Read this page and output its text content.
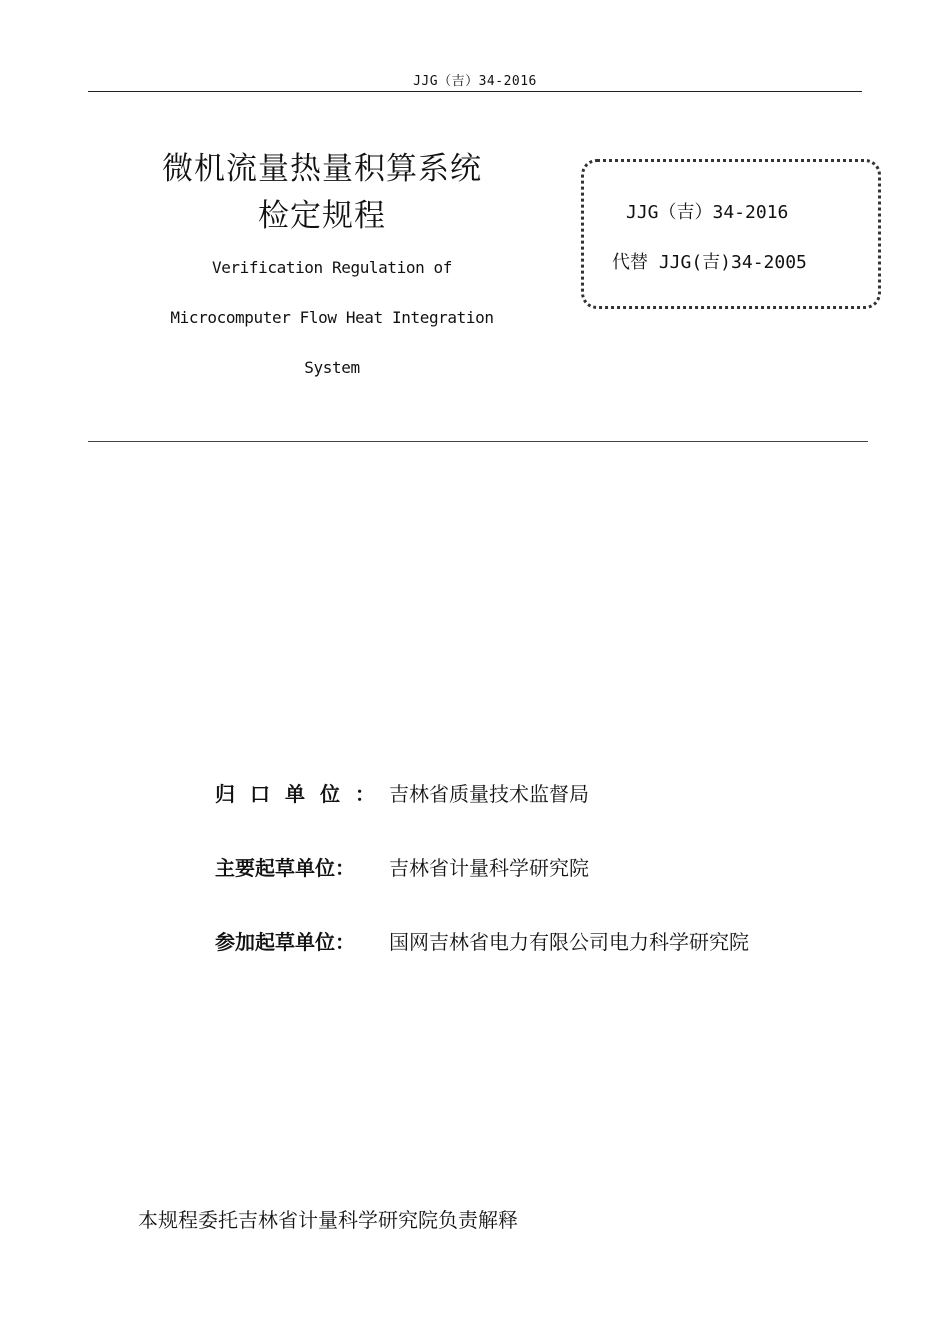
JJG（吉）34-2016
微机流量热量积算系统
检定规程
Verification Regulation of
Microcomputer Flow Heat Integration
System
JJG（吉）34-2016
代替 JJG(吉)34-2005
归口单位：吉林省质量技术监督局
主要起草单位： 吉林省计量科学研究院
参加起草单位： 国网吉林省电力有限公司电力科学研究院
本规程委托吉林省计量科学研究院负责解释
